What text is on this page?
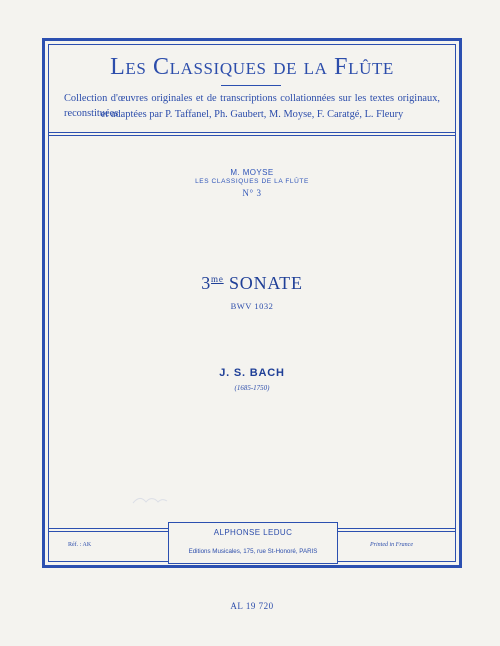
Les Classiques de la Flûte
Collection d'œuvres originales et de transcriptions collationnées sur les textes originaux, reconstituées
et adaptées par P. Taffanel, Ph. Gaubert, M. Moyse, F. Caratgé, L. Fleury
M. MOYSE
LES CLASSIQUES DE LA FLÛTE
N° 3
$3^{me}$ SONATE
BWV 1032
J. S. BACH
(1685-1750)
Réf. : AK
ALPHONSE LEDUC
Editions Musicales, 175, rue St-Honoré, PARIS
Printed in France
AL 19 720
